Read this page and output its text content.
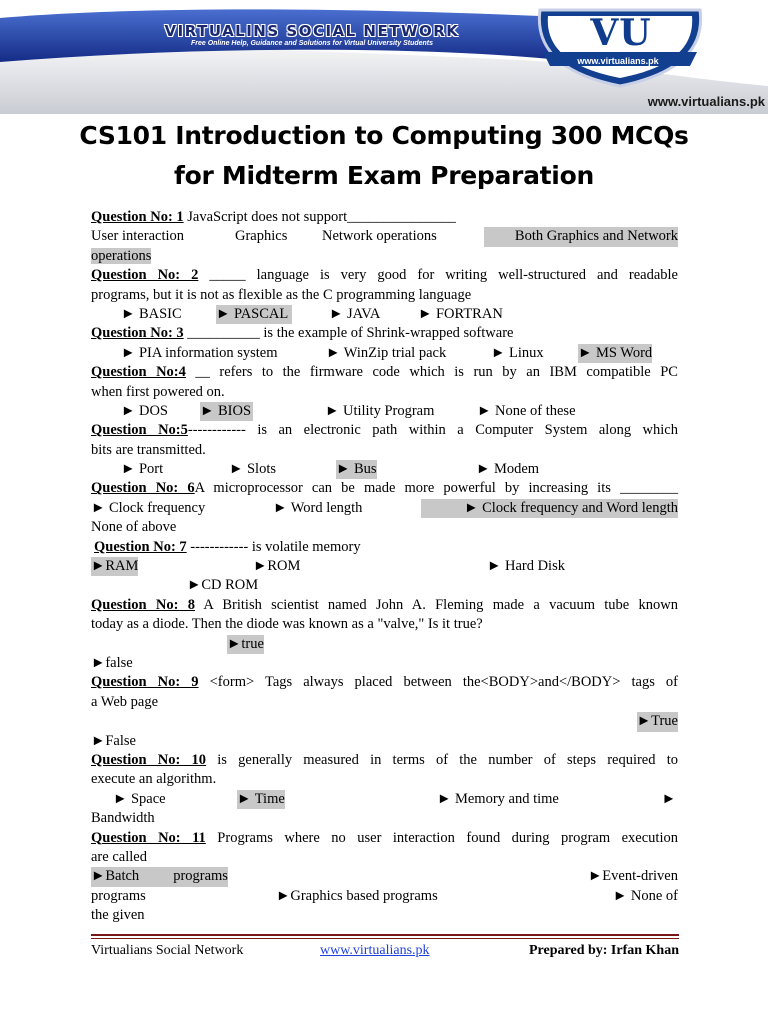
VIRTUALINS SOCIAL NETWORK
Free Online Help, Guidance and Solutions for Virtual University Students	VU
www.virtualians.pk
www.virtualians.pk
CS101 Introduction to Computing 300 MCQs
for Midterm Exam Preparation
Question No: 1 JavaScript does not support_______________
User interaction	Graphics Network operations	Both Graphics and Network
operations
Question No: 2 _____ language is very good for writing well-structured and readable
programs, but it is not as flexible as the C programming language
► BASIC ► PASCAL	► JAVA	► FORTRAN
Question No: 3 __________ is the example of Shrink-wrapped software
► PIA information system	► WinZip trial pack	► Linux ► MS Word
Question No:4 __ refers to the firmware code which is run by an IBM compatible PC
when first powered on.
► DOS ► BIOS	► Utility Program	► None of these
Question No:5------------ is an electronic path within a Computer System along which
bits are transmitted.
► Port	► Slots	► Bus	► Modem
Question No: 6A microprocessor can be made more powerful by increasing its ________
► Clock frequency	► Word length	► Clock frequency and Word length
None of above
Question No: 7 ------------ is volatile memory
►RAM	►ROM	► Hard Disk
►CD ROM
Question No: 8 A British scientist named John A. Fleming made a vacuum tube known
today as a diode. Then the diode was known as a "valve," Is it true?
►true
►false
Question No: 9 <form> Tags always placed between the<BODY>and</BODY> tags of
a Web page
►True
►False
Question No: 10 is generally measured in terms of the number of steps required to
execute an algorithm.
► Space	► Time	► Memory and time	►
Bandwidth
Question No: 11 Programs where no user interaction found during program execution
are called
►Batch programs	►Event-driven
programs	►Graphics based programs	► None of
the given
Virtualians Social Network	www.virtualians.pk	Prepared by: Irfan Khan
